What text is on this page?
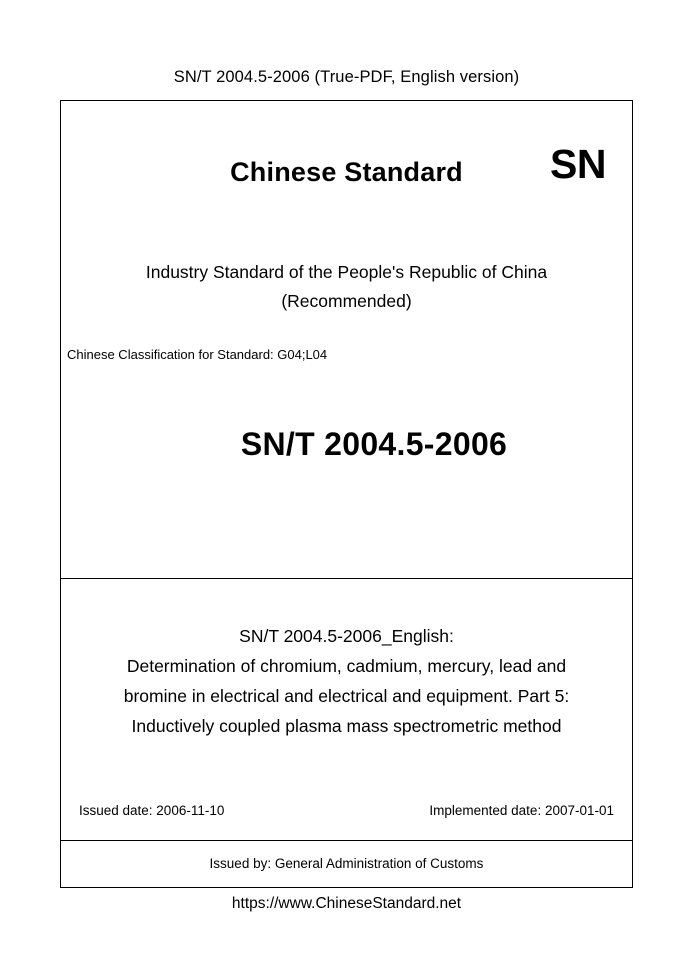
SN/T 2004.5-2006 (True-PDF, English version)
Chinese Standard	SN
Industry Standard of the People's Republic of China
(Recommended)
Chinese Classification for Standard: G04;L04
SN/T 2004.5-2006
SN/T 2004.5-2006_English:
Determination of chromium, cadmium, mercury, lead and
bromine in electrical and electrical and equipment. Part 5:
Inductively coupled plasma mass spectrometric method
Issued date: 2006-11-10	Implemented date: 2007-01-01
Issued by: General Administration of Customs
https://www.ChineseStandard.net
